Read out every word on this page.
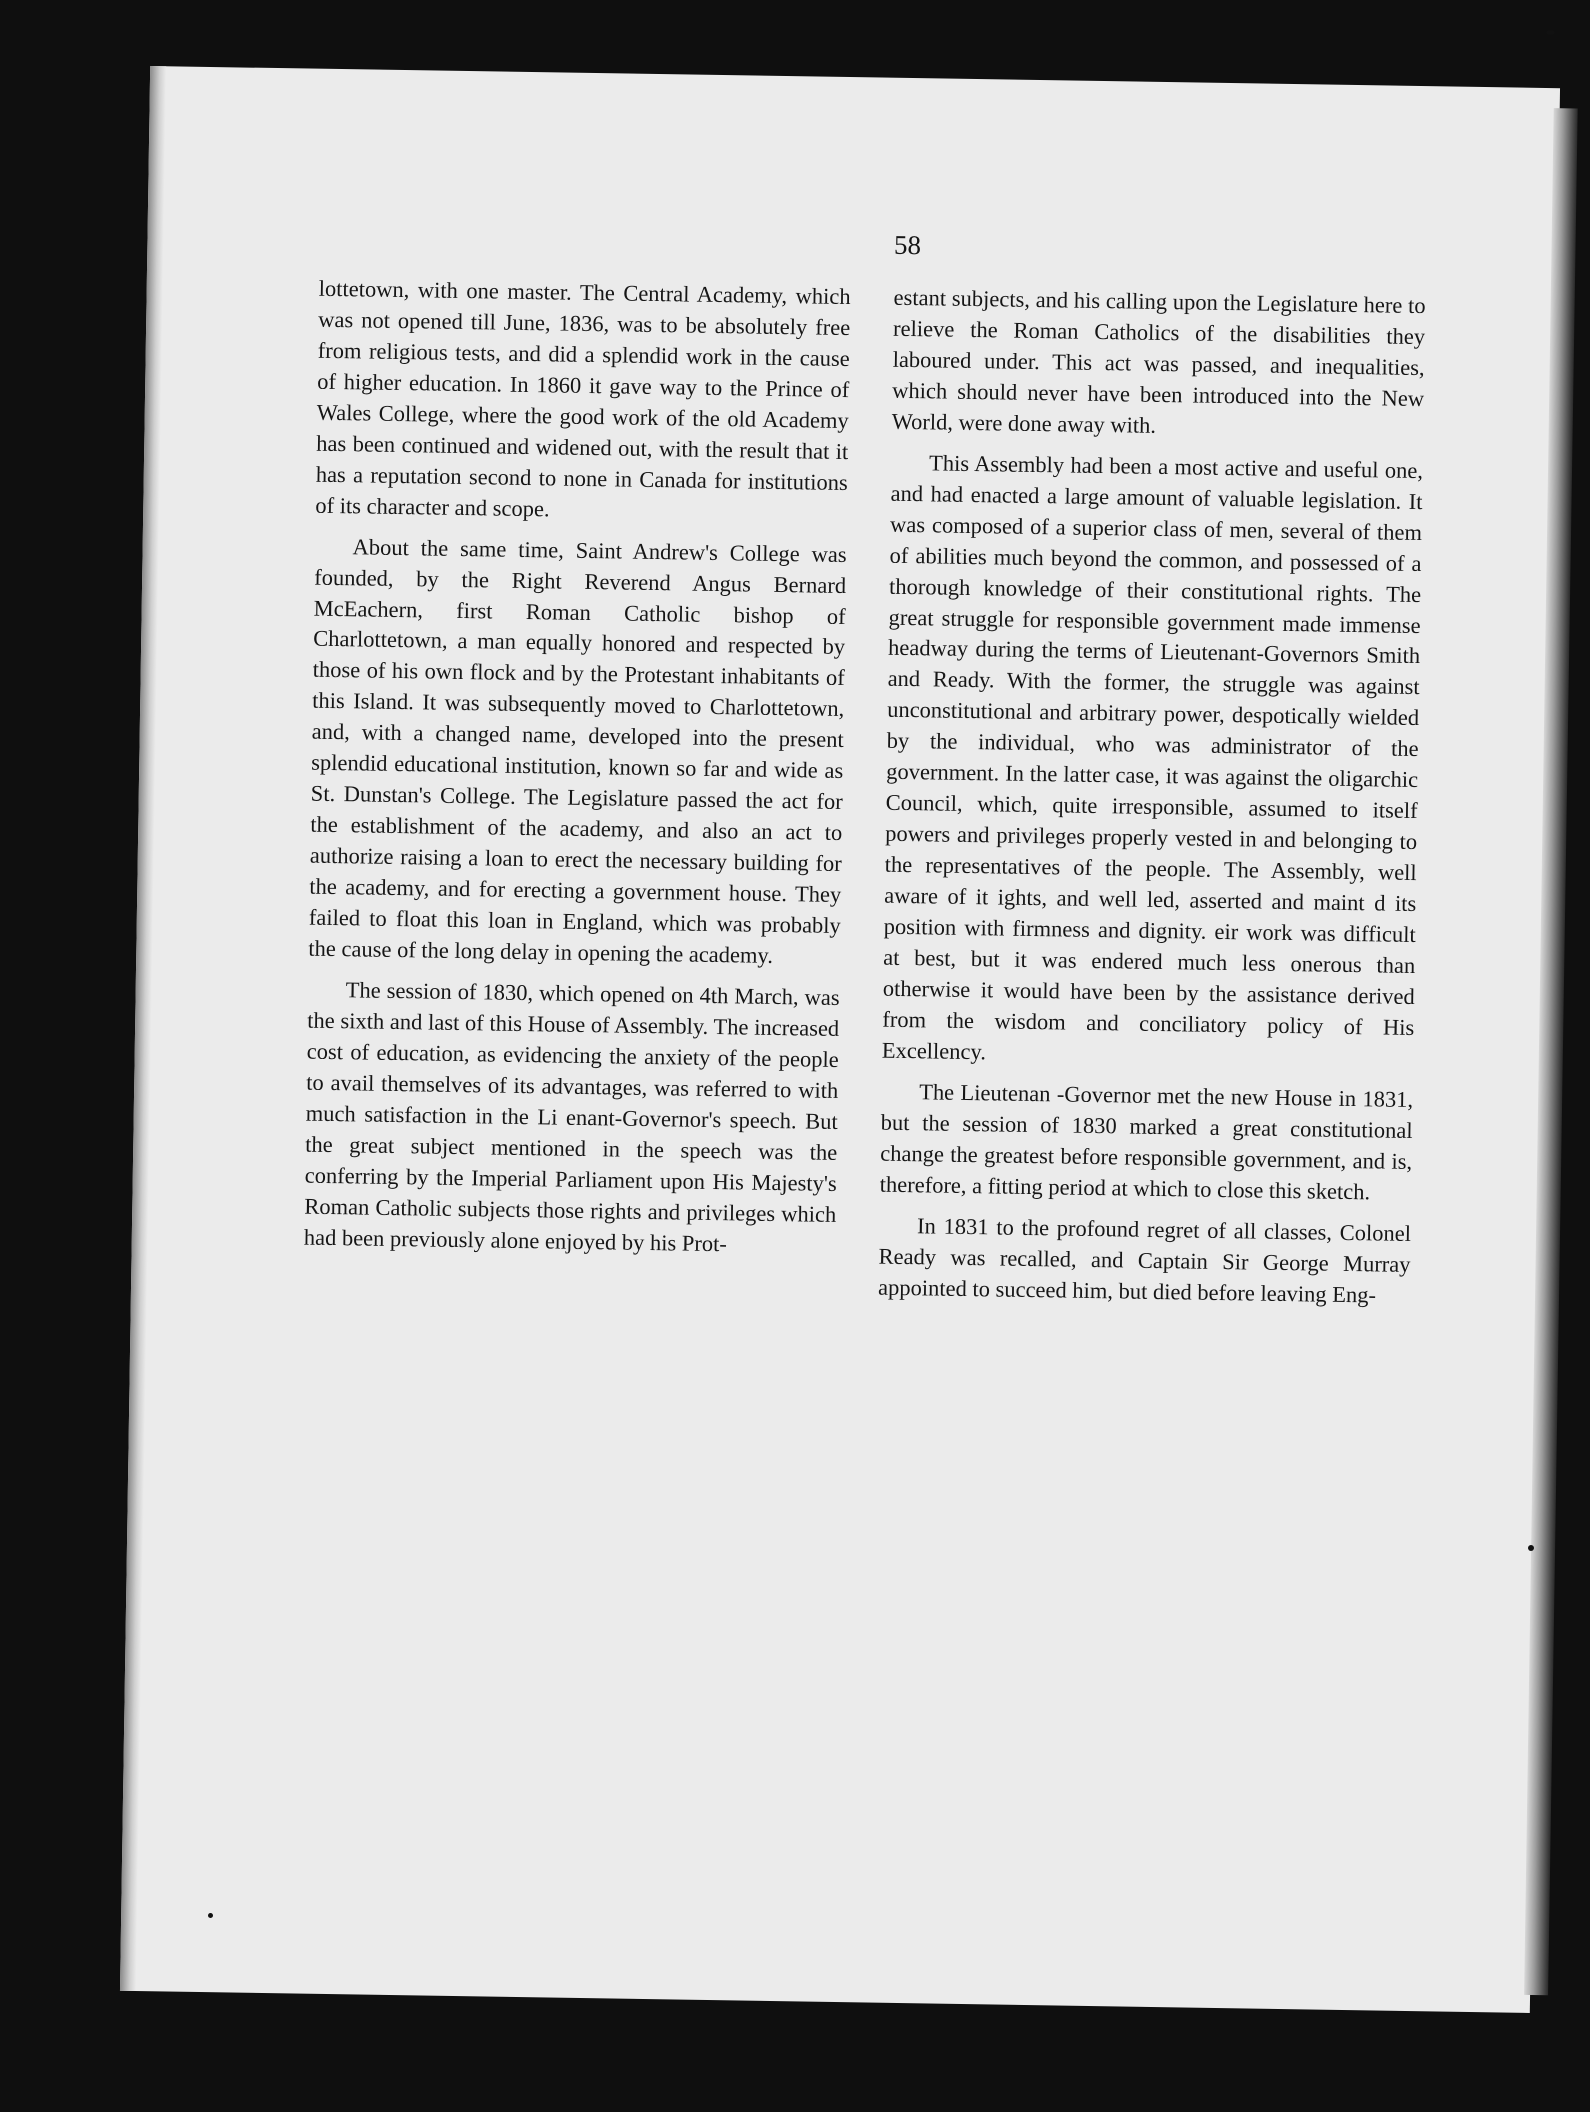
58

lottetown, with one master. The Central Academy, which was not opened till June, 1836, was to be absolutely free from religious tests, and did a splendid work in the cause of higher education. In 1860 it gave way to the Prince of Wales College, where the good work of the old Academy has been continued and widened out, with the result that it has a reputation second to none in Canada for institutions of its character and scope.

About the same time, Saint Andrew's College was founded, by the Right Reverend Angus Bernard McEachern, first Roman Catholic bishop of Charlottetown, a man equally honored and respected by those of his own flock and by the Protestant inhabitants of this Island. It was subsequently moved to Charlottetown, and, with a changed name, developed into the present splendid educational institution, known so far and wide as St. Dunstan's College. The Legislature passed the act for the establishment of the academy, and also an act to authorize raising a loan to erect the necessary building for the academy, and for erecting a government house. They failed to float this loan in England, which was probably the cause of the long delay in opening the academy.

The session of 1830, which opened on 4th March, was the sixth and last of this House of Assembly. The increased cost of education, as evidencing the anxiety of the people to avail themselves of its advantages, was referred to with much satisfaction in the Li enant-Governor's speech. But the great subject mentioned in the speech was the conferring by the Imperial Parliament upon His Majesty's Roman Catholic subjects those rights and privileges which had been previously alone enjoyed by his Prot-

estant subjects, and his calling upon the Legislature here to relieve the Roman Catholics of the disabilities they laboured under. This act was passed, and inequalities, which should never have been introduced into the New World, were done away with.

This Assembly had been a most active and useful one, and had enacted a large amount of valuable legislation. It was composed of a superior class of men, several of them of abilities much beyond the common, and possessed of a thorough knowledge of their constitutional rights. The great struggle for responsible government made immense headway during the terms of Lieutenant-Governors Smith and Ready. With the former, the struggle was against unconstitutional and arbitrary power, despotically wielded by the individual, who was administrator of the government. In the latter case, it was against the oligarchic Council, which, quite irresponsible, assumed to itself powers and privileges properly vested in and belonging to the representatives of the people. The Assembly, well aware of it ights, and well led, asserted and maint d its position with firmness and dignity. eir work was difficult at best, but it was endered much less onerous than otherwise it would have been by the assistance derived from the wisdom and conciliatory policy of His Excellency.

The Lieutenan -Governor met the new House in 1831, but the session of 1830 marked a great constitutional change the greatest before responsible government, and is, therefore, a fitting period at which to close this sketch.

In 1831 to the profound regret of all classes, Colonel Ready was recalled, and Captain Sir George Murray appointed to succeed him, but died before leaving Eng-
